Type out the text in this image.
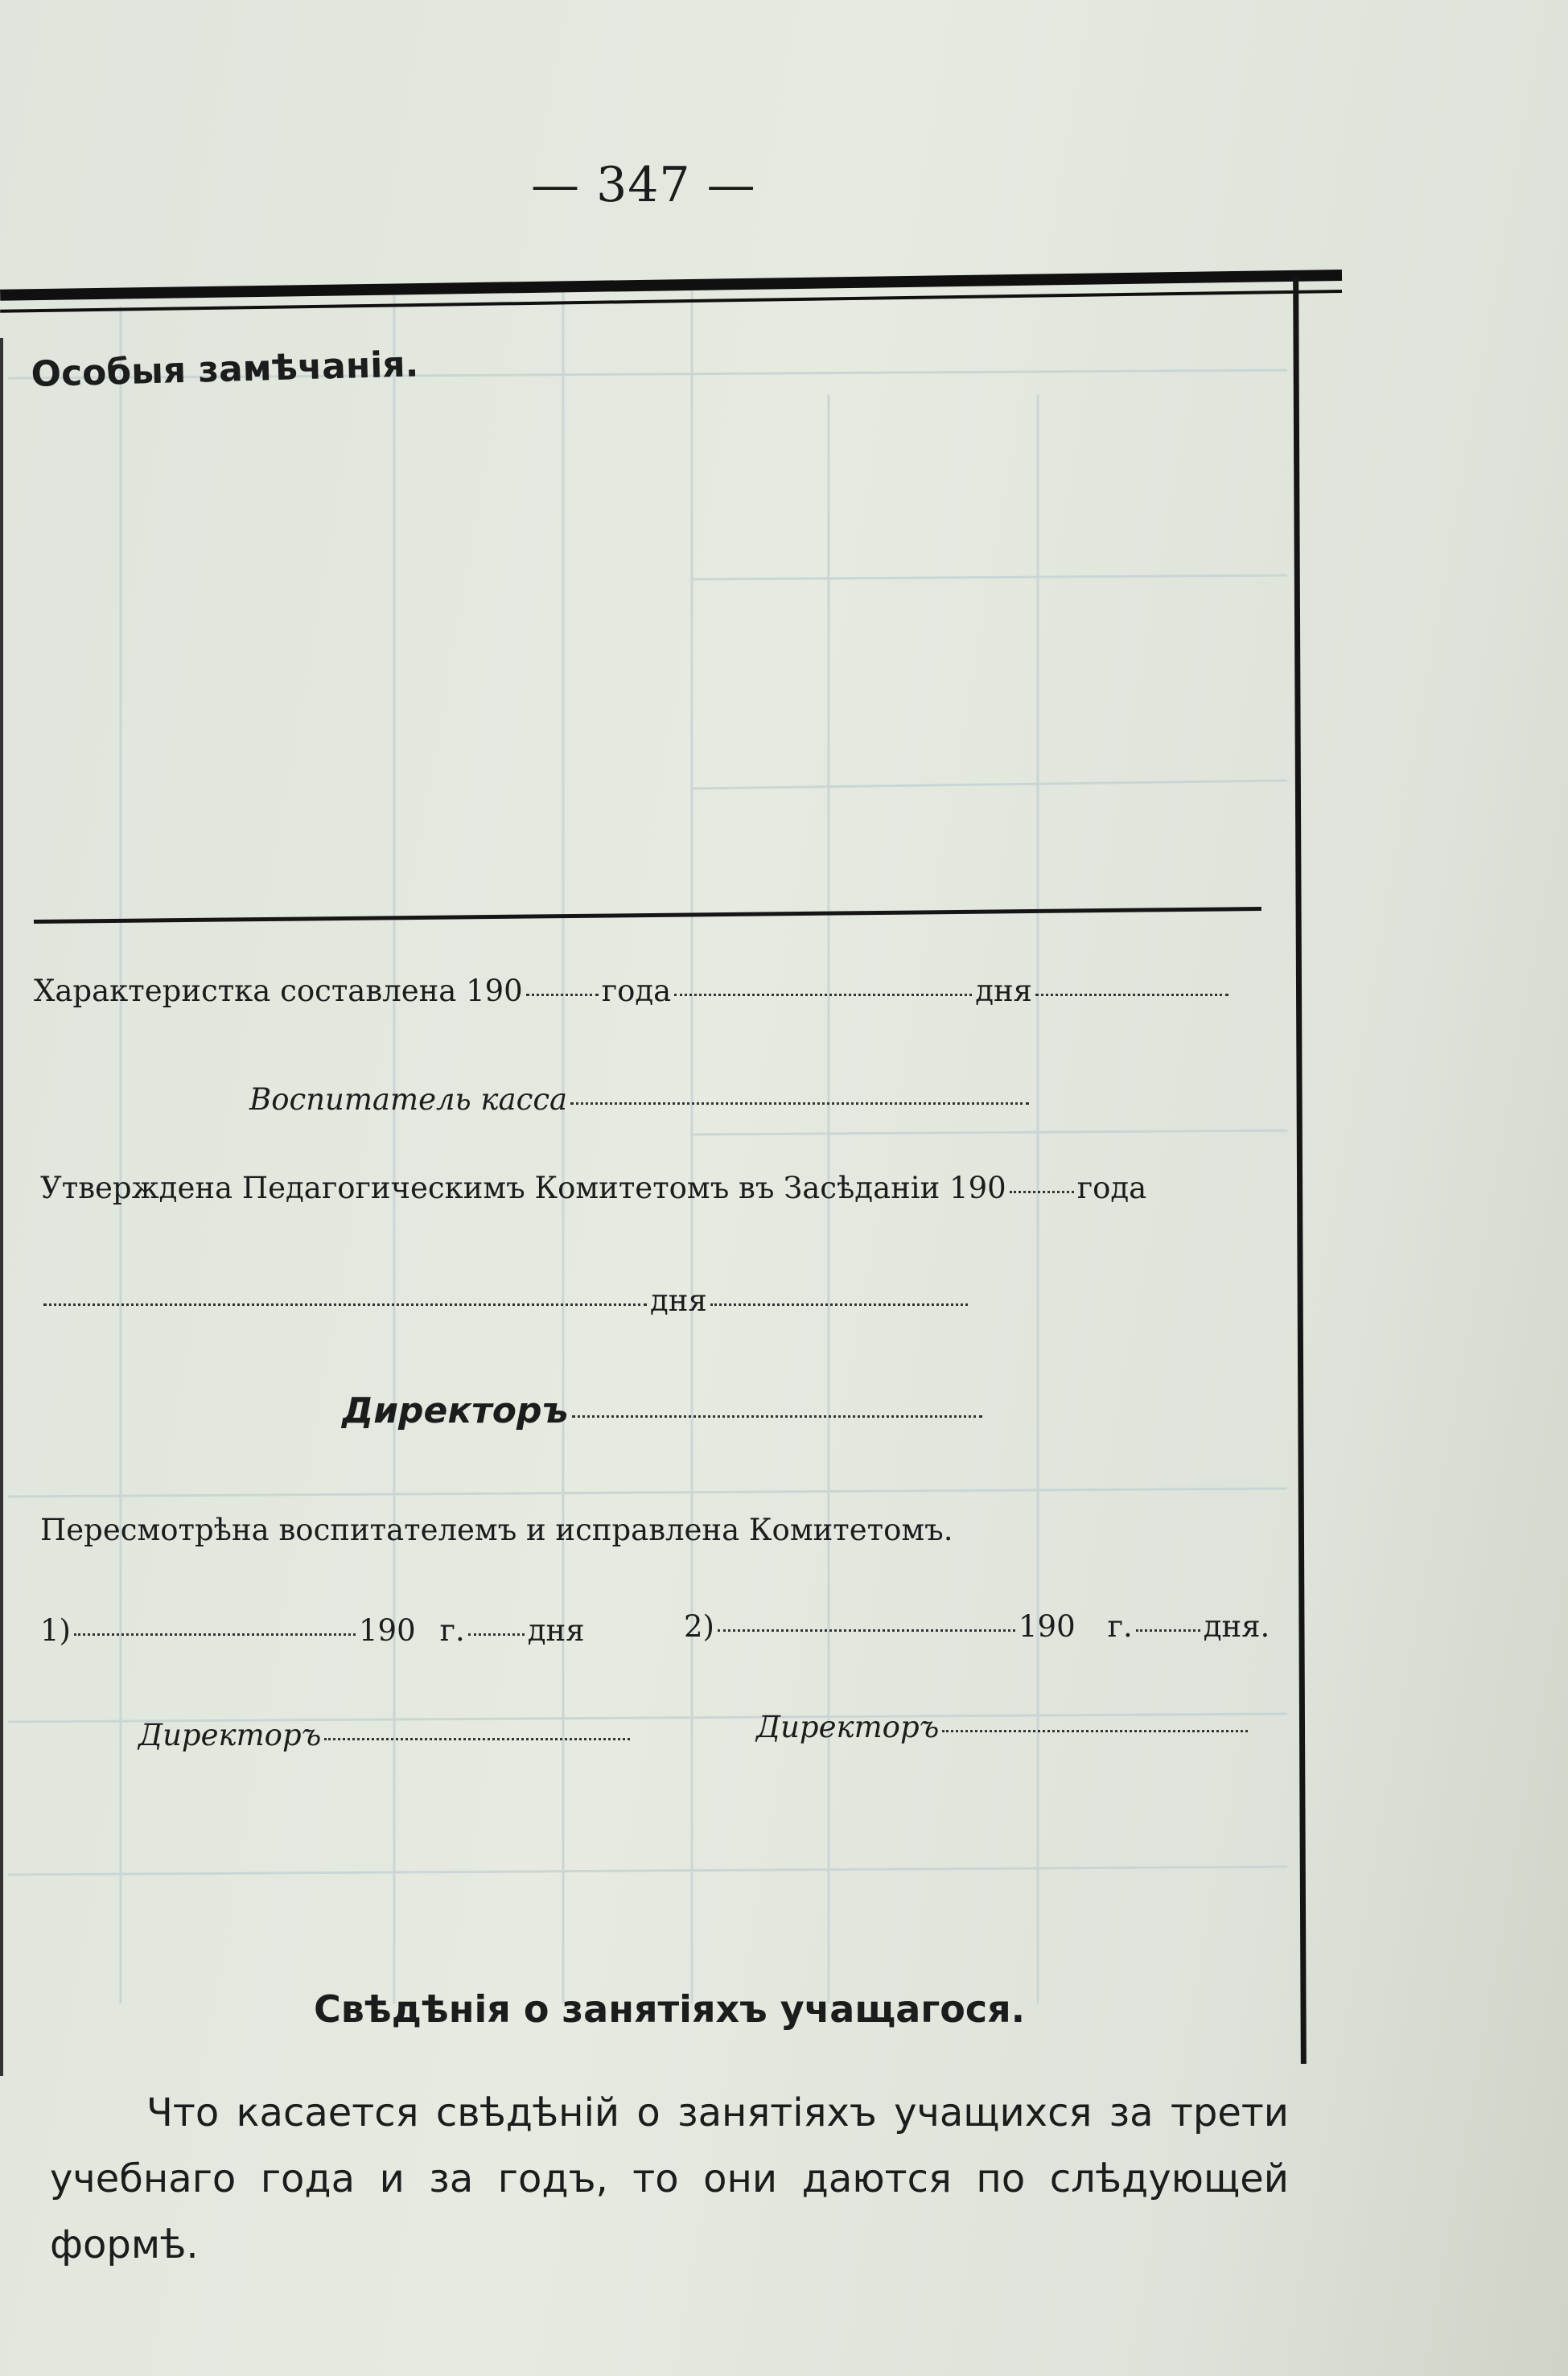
— 347 —
Особыя замѣчанія.
Характеристка составлена 190	года	дня
Воспитатель касса
Утверждена Педагогическимъ Комитетомъ въ Засѣданіи 190 года
дня
Директоръ
Пересмотрѣна воспитателемъ и исправлена Комитетомъ.
1)	190 г. дня	2)	190 г. дня.
Директоръ	Директоръ
Свѣдѣнія о занятіяхъ учащагося.
Что касается свѣдѣній о занятіяхъ учащихся за трети учебнаго года и за годъ, то они даются по слѣдующей формѣ.
